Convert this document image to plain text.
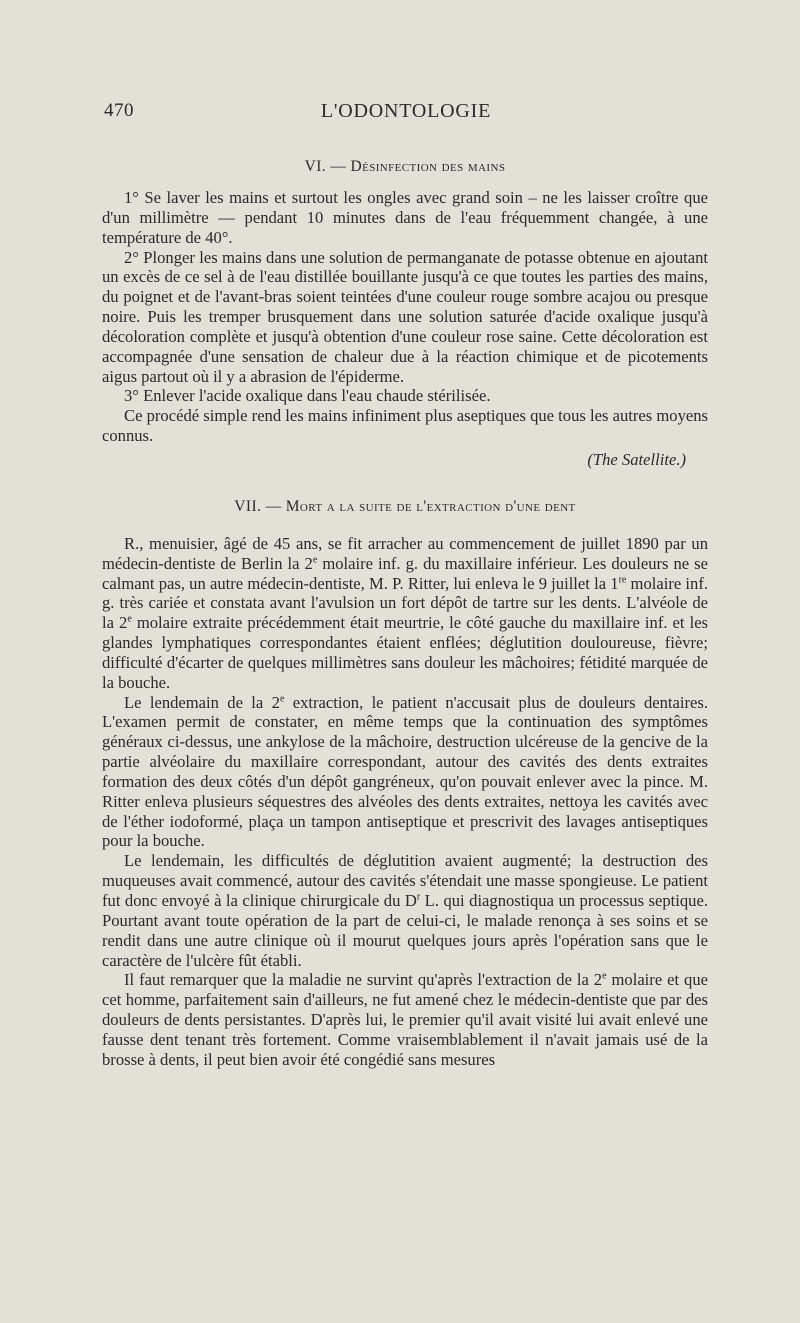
470	L'ODONTOLOGIE
VI. — Désinfection des mains

1° Se laver les mains et surtout les ongles avec grand soin – ne les laisser croître que d'un millimètre — pendant 10 minutes dans de l'eau fréquemment changée, à une température de 40°.

2° Plonger les mains dans une solution de permanganate de potasse obtenue en ajoutant un excès de ce sel à de l'eau distillée bouillante jusqu'à ce que toutes les parties des mains, du poignet et de l'avant-bras soient teintées d'une couleur rouge sombre acajou ou presque noire. Puis les tremper brusquement dans une solution saturée d'acide oxalique jusqu'à décoloration complète et jusqu'à obtention d'une couleur rose saine. Cette décoloration est accompagnée d'une sensation de chaleur due à la réaction chimique et de picotements aigus partout où il y a abrasion de l'épiderme.

3° Enlever l'acide oxalique dans l'eau chaude stérilisée.

Ce procédé simple rend les mains infiniment plus aseptiques que tous les autres moyens connus.

(The Satellite.)

VII. — Mort a la suite de l'extraction d'une dent

R., menuisier, âgé de 45 ans, se fit arracher au commencement de juillet 1890 par un médecin-dentiste de Berlin la 2e molaire inf. g. du maxillaire inférieur. Les douleurs ne se calmant pas, un autre médecin-dentiste, M. P. Ritter, lui enleva le 9 juillet la 1re molaire inf. g. très cariée et constata avant l'avulsion un fort dépôt de tartre sur les dents. L'alvéole de la 2e molaire extraite précédemment était meurtrie, le côté gauche du maxillaire inf. et les glandes lymphatiques correspondantes étaient enflées; déglutition douloureuse, fièvre; difficulté d'écarter de quelques millimètres sans douleur les mâchoires; fétidité marquée de la bouche.

Le lendemain de la 2e extraction, le patient n'accusait plus de douleurs dentaires. L'examen permit de constater, en même temps que la continuation des symptômes généraux ci-dessus, une ankylose de la mâchoire, destruction ulcéreuse de la gencive de la partie alvéolaire du maxillaire correspondant, autour des cavités des dents extraites formation des deux côtés d'un dépôt gangréneux, qu'on pouvait enlever avec la pince. M. Ritter enleva plusieurs séquestres des alvéoles des dents extraites, nettoya les cavités avec de l'éther iodoformé, plaça un tampon antiseptique et prescrivit des lavages antiseptiques pour la bouche.

Le lendemain, les difficultés de déglutition avaient augmenté; la destruction des muqueuses avait commencé, autour des cavités s'étendait une masse spongieuse. Le patient fut donc envoyé à la clinique chirurgicale du $D^r$ L. qui diagnostiqua un processus septique. Pourtant avant toute opération de la part de celui-ci, le malade renonça à ses soins et se rendit dans une autre clinique où il mourut quelques jours après l'opération sans que le caractère de l'ulcère fût établi.

Il faut remarquer que la maladie ne survint qu'après l'extraction de la 2e molaire et que cet homme, parfaitement sain d'ailleurs, ne fut amené chez le médecin-dentiste que par des douleurs de dents persistantes. D'après lui, le premier qu'il avait visité lui avait enlevé une fausse dent tenant très fortement. Comme vraisemblablement il n'avait jamais usé de la brosse à dents, il peut bien avoir été congédié sans mesures
